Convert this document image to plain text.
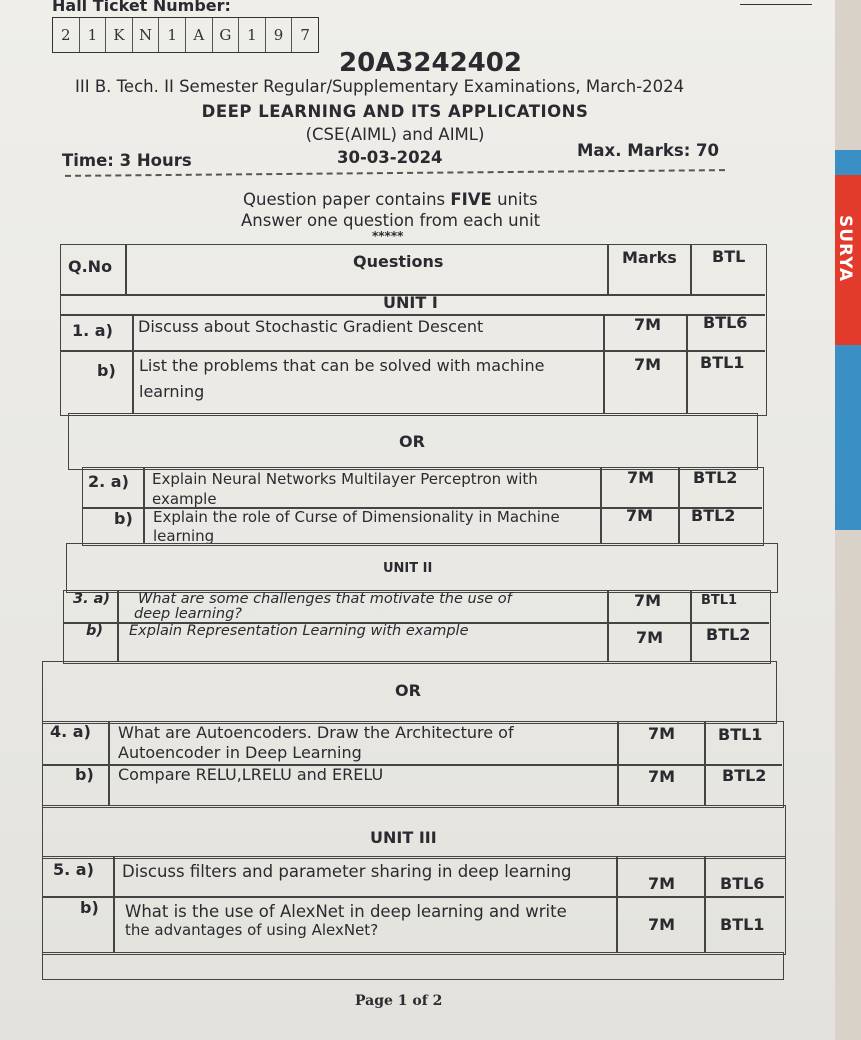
SURYA
Hall Ticket Number:
2	1	K N	1	A	G	1	9	7
20A3242402
III B. Tech. II Semester Regular/Supplementary Examinations, March-2024
DEEP LEARNING AND ITS APPLICATIONS
(CSE(AIML) and AIML)
Time: 3 Hours	30-03-2024	Max. Marks: 70
Question paper contains FIVE units
Answer one question from each unit
*****
Q.No	Questions	Marks BTL
UNIT I
1. a) Discuss about Stochastic Gradient Descent	7M	BTL6
b) List the problems that can be solved with machine
learning
7M BTL1
OR
2. a) Explain Neural Networks Multilayer Perceptron with
example
7M BTL2
b) Explain the role of Curse of Dimensionality in Machine
learning
7M BTL2
UNIT II
3. a) What are some challenges that motivate the use of
deep learning?
7M	BTL1
b) Explain Representation Learning with example	7M	BTL2
OR
4. a) What are Autoencoders. Draw the Architecture of
Autoencoder in Deep Learning
7M	BTL1
b) Compare RELU,LRELU and ERELU	7M	BTL2
UNIT III
5. a) Discuss filters and parameter sharing in deep learning
7M	BTL6
b) What is the use of AlexNet in deep learning and write
the advantages of using AlexNet?	7M	BTL1
Page 1 of 2
